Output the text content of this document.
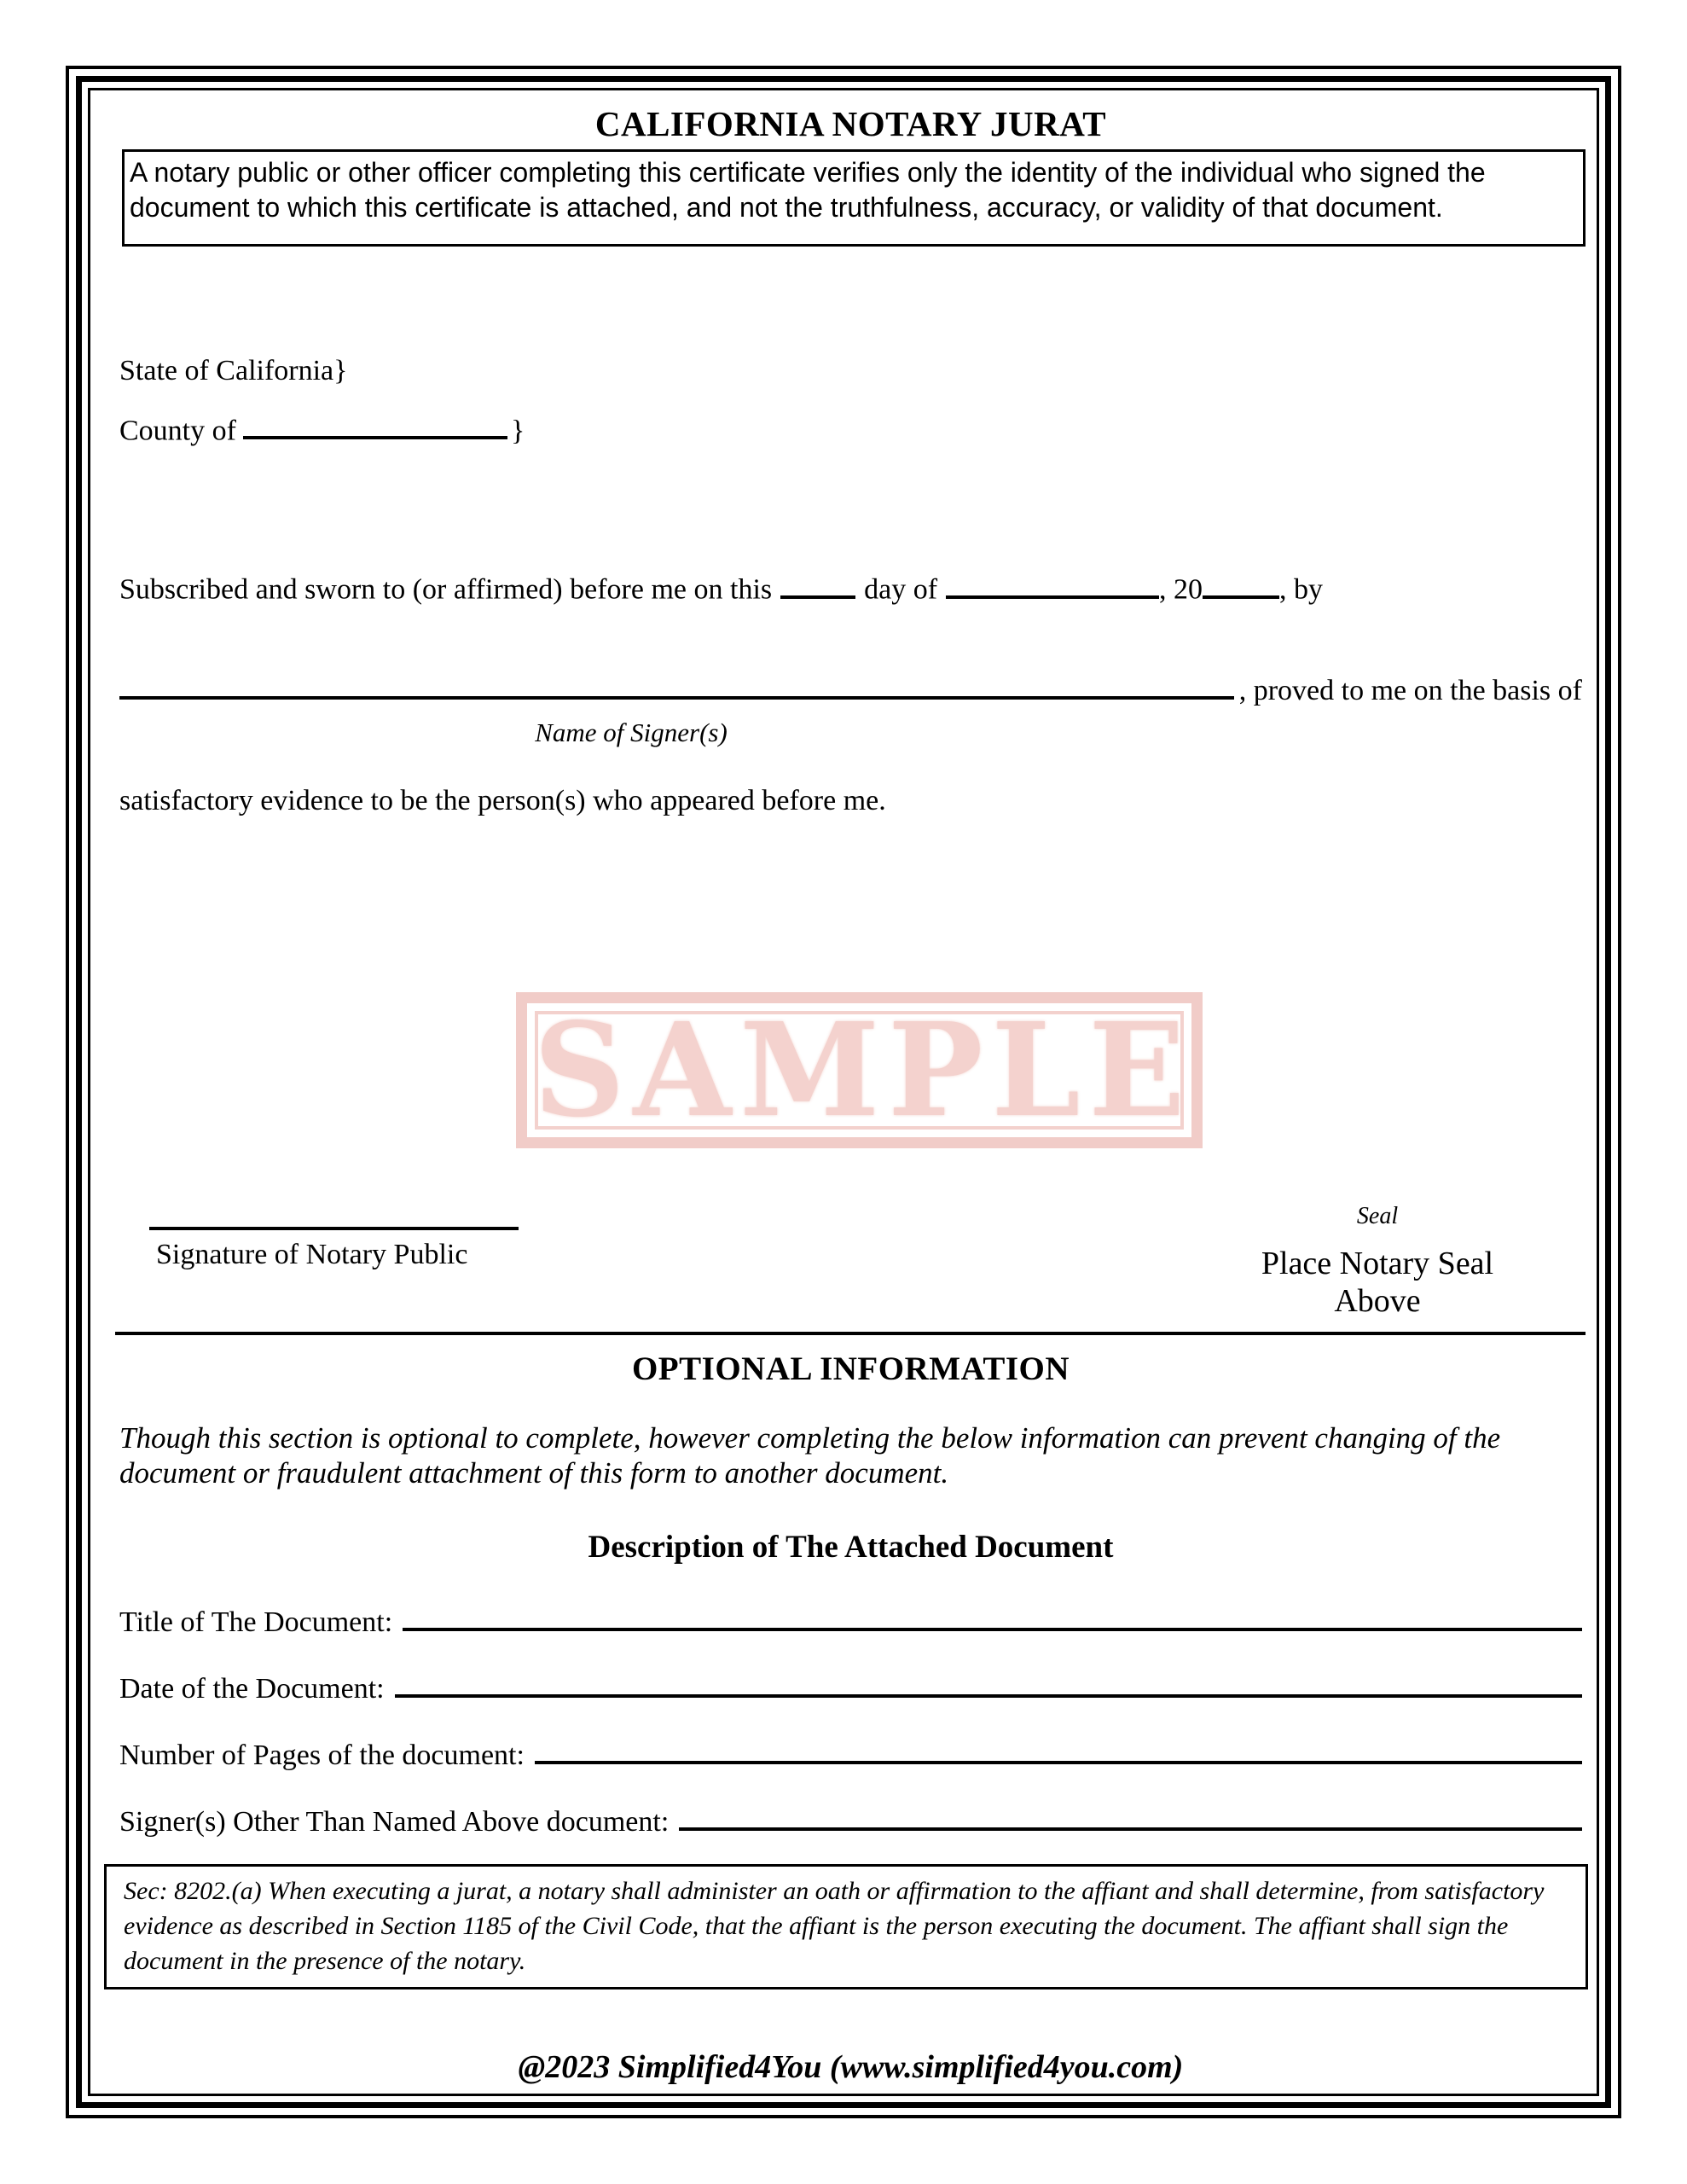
CALIFORNIA NOTARY JURAT
A notary public or other officer completing this certificate verifies only the identity of the individual who signed the document to which this certificate is attached, and not the truthfulness, accuracy, or validity of that document.
State of California}
County of	}
Subscribed and sworn to (or affirmed) before me on this	day of	, 20	, by
, proved to me on the basis of
Name of Signer(s)
satisfactory evidence to be the person(s) who appeared before me.
SAMPLE
Signature of Notary Public
Seal
Place Notary Seal Above
OPTIONAL INFORMATION
Though this section is optional to complete, however completing the below information can prevent changing of the document or fraudulent attachment of this form to another document.
Description of The Attached Document
Title of The Document:
Date of the Document:
Number of Pages of the document:
Signer(s) Other Than Named Above document:
Sec: 8202.(a) When executing a jurat, a notary shall administer an oath or affirmation to the affiant and shall determine, from satisfactory evidence as described in Section 1185 of the Civil Code, that the affiant is the person executing the document. The affiant shall sign the document in the presence of the notary.
@2023 Simplified4You (www.simplified4you.com)
